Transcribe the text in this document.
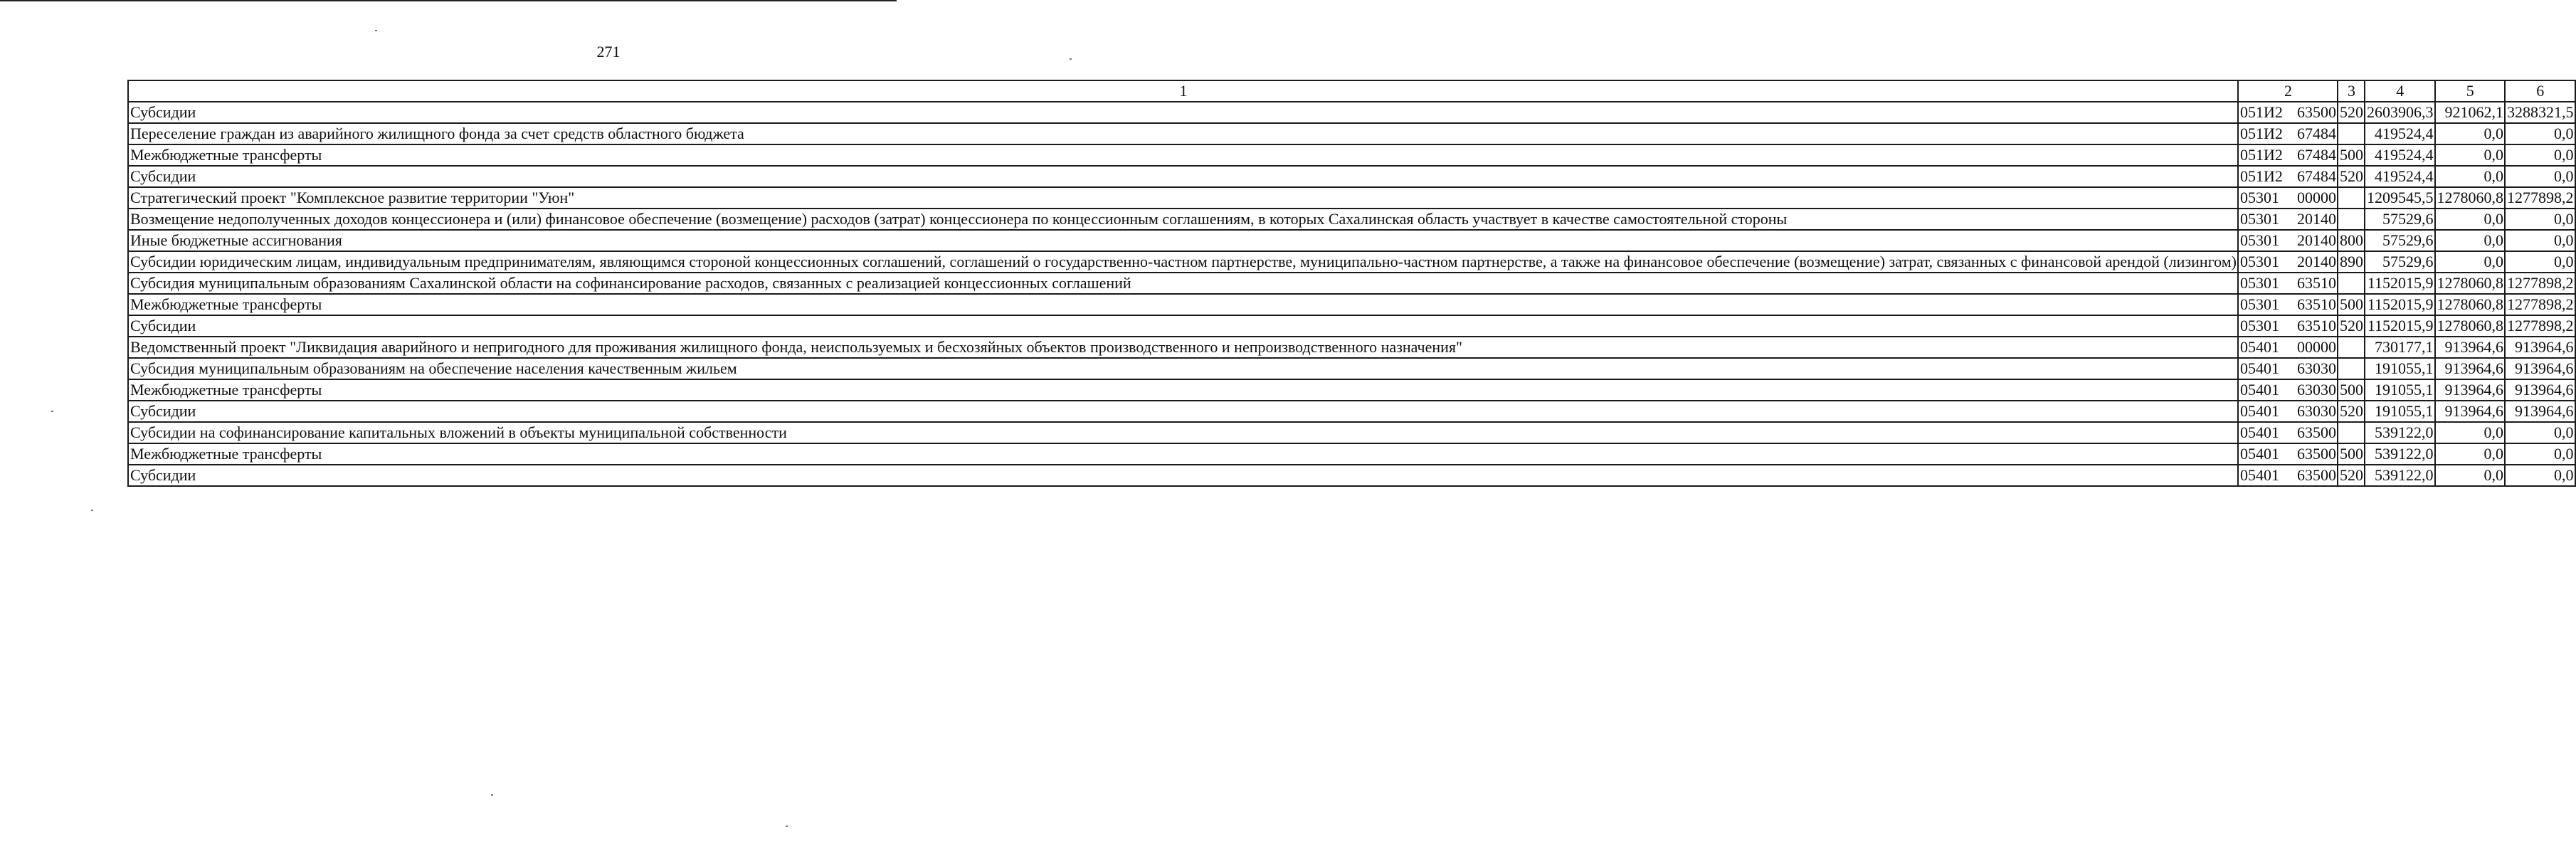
271
1	2	3	4	5	6
Субсидии	051И2 63500	520	2603906,3	921062,1	3288321,5
Переселение граждан из аварийного жилищного фонда за счет средств областного бюджета	051И2 67484		419524,4	0,0	0,0
Межбюджетные трансферты	051И2 67484	500	419524,4	0,0	0,0
Субсидии	051И2 67484	520	419524,4	0,0	0,0
Стратегический проект "Комплексное развитие территории "Уюн"	05301 00000		1209545,5	1278060,8	1277898,2
Возмещение недополученных доходов концессионера и (или) финансовое обеспечение (возмещение) расходов (затрат) концессионера по концессионным соглашениям, в которых Сахалинская область участвует в качестве самостоятельной стороны	05301 20140		57529,6	0,0	0,0
Иные бюджетные ассигнования	05301 20140	800	57529,6	0,0	0,0
Субсидии юридическим лицам, индивидуальным предпринимателям, являющимся стороной концессионных соглашений, соглашений о государственно-частном партнерстве, муниципально-частном партнерстве, а также на финансовое обеспечение (возмещение) затрат, связанных с финансовой арендой (лизингом)	05301 20140	890	57529,6	0,0	0,0
Субсидия муниципальным образованиям Сахалинской области на софинансирование расходов, связанных с реализацией концессионных соглашений	05301 63510		1152015,9	1278060,8	1277898,2
Межбюджетные трансферты	05301 63510	500	1152015,9	1278060,8	1277898,2
Субсидии	05301 63510	520	1152015,9	1278060,8	1277898,2
Ведомственный проект "Ликвидация аварийного и непригодного для проживания жилищного фонда, неиспользуемых и бесхозяйных объектов производственного и непроизводственного назначения"	05401 00000		730177,1	913964,6	913964,6
Субсидия муниципальным образованиям на обеспечение населения качественным жильем	05401 63030		191055,1	913964,6	913964,6
Межбюджетные трансферты	05401 63030	500	191055,1	913964,6	913964,6
Субсидии	05401 63030	520	191055,1	913964,6	913964,6
Субсидии на софинансирование капитальных вложений в объекты муниципальной собственности	05401 63500		539122,0	0,0	0,0
Межбюджетные трансферты	05401 63500	500	539122,0	0,0	0,0
Субсидии	05401 63500	520	539122,0	0,0	0,0
